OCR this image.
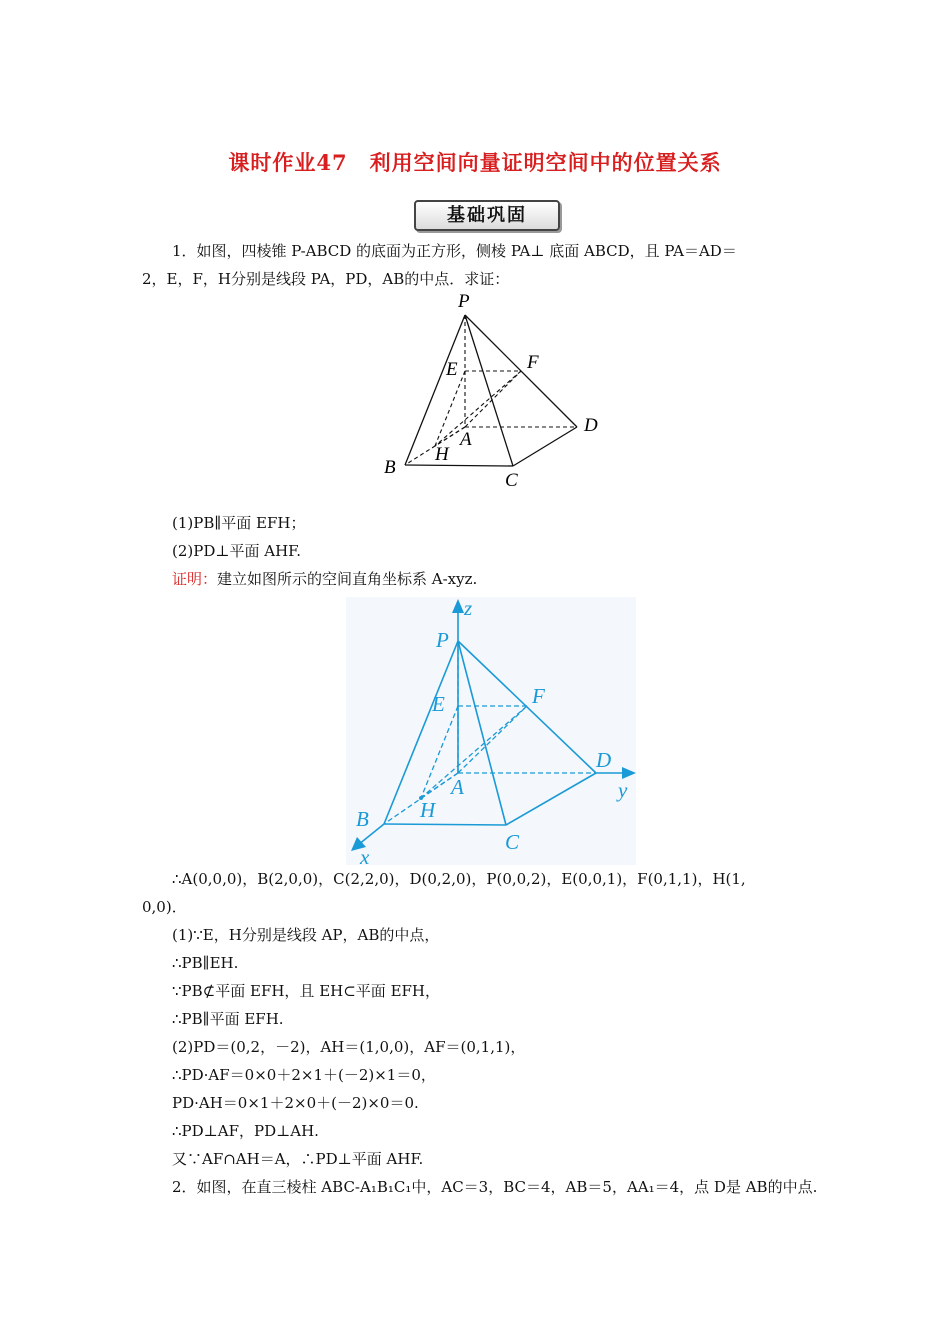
课时作业47　利用空间向量证明空间中的位置关系
基础巩固
1．如图，四棱锥 P-ABCD 的底面为正方形，侧棱 PA⊥ 底面 ABCD，且 PA＝AD＝
2，E，F，H分别是线段 PA，PD，AB的中点．求证：
P
E	F
A
D
B
H
C
(1)PB∥平面 EFH；
(2)PD⊥平面 AHF.
证明：建立如图所示的空间直角坐标系 A-xyz.
z
y
x
P
E	F
A
D
B H
C
∴A(0,0,0)，B(2,0,0)，C(2,2,0)，D(0,2,0)，P(0,0,2)，E(0,0,1)，F(0,1,1)，H(1,
0,0)．
(1)∵E，H分别是线段 AP，AB的中点，
∴PB∥EH.
∵PB⊄平面 EFH，且 EH⊂平面 EFH，
∴PB∥平面 EFH.
(2)PD＝(0,2，－2)，AH＝(1,0,0)，AF＝(0,1,1)，
∴PD·AF＝0×0＋2×1＋(－2)×1＝0，
PD·AH＝0×1＋2×0＋(－2)×0＝0.
∴PD⊥AF，PD⊥AH.
又∵AF∩AH＝A，∴PD⊥平面 AHF.
2．如图，在直三棱柱 ABC-A₁B₁C₁中，AC＝3，BC＝4，AB＝5，AA₁＝4，点 D是 AB的中点.
